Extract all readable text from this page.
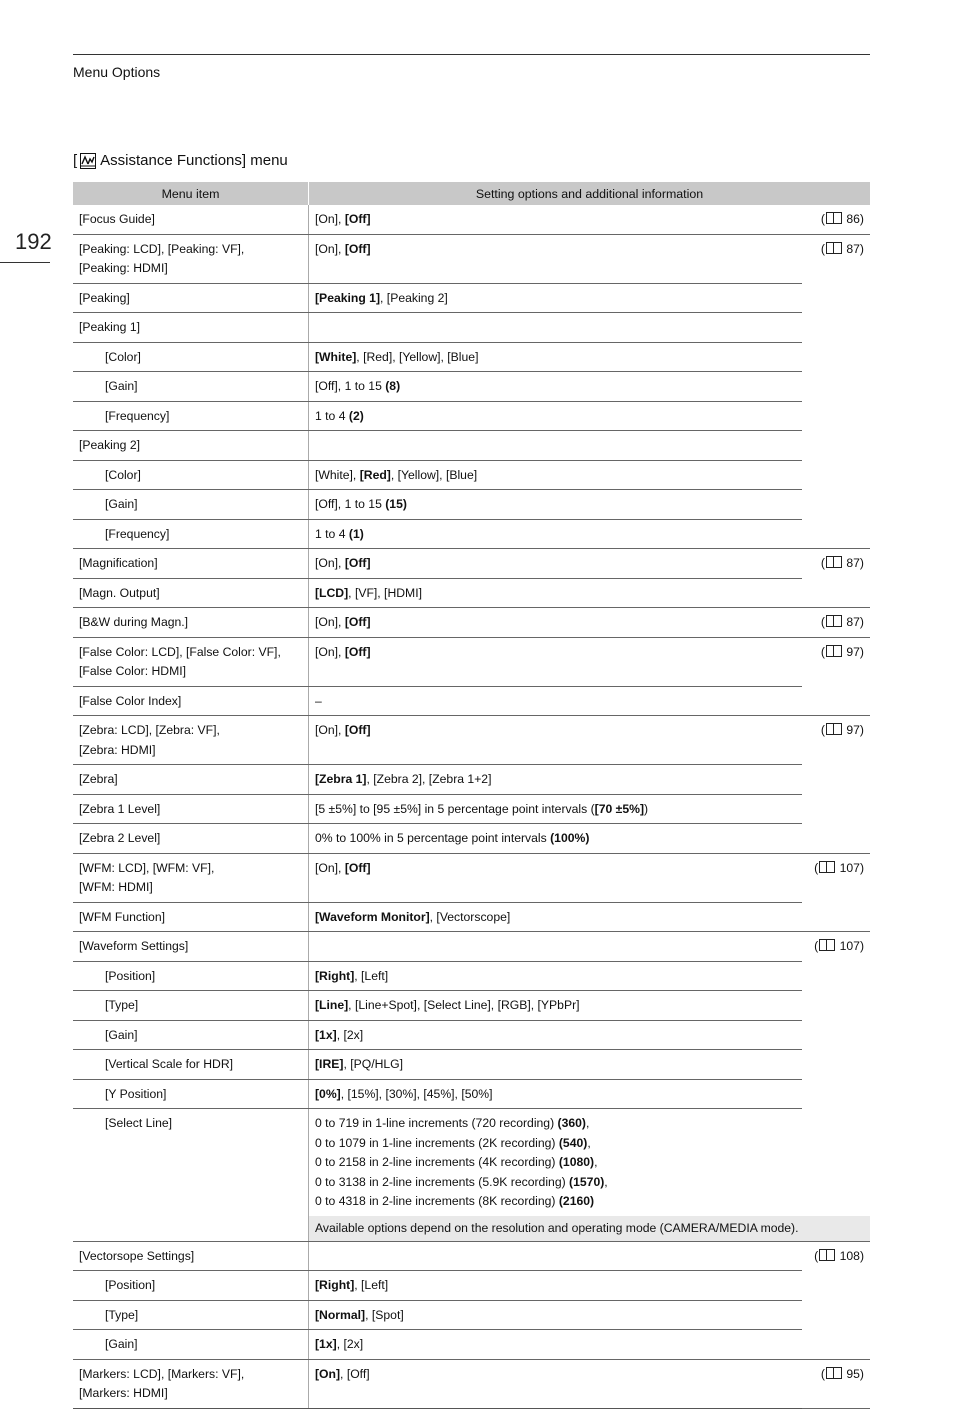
Menu Options
192
[ Assistance Functions] menu
Menu item	Setting options and additional information	
[Focus Guide]	[On], [Off]	( 86)
[Peaking: LCD], [Peaking: VF],
[Peaking: HDMI]	[On], [Off]	( 87)
[Peaking]	[Peaking 1], [Peaking 2]	
[Peaking 1]		
[Color]	[White], [Red], [Yellow], [Blue]	
[Gain]	[Off], 1 to 15 (8)	
[Frequency]	1 to 4 (2)	
[Peaking 2]		
[Color]	[White], [Red], [Yellow], [Blue]	
[Gain]	[Off], 1 to 15 (15)	
[Frequency]	1 to 4 (1)	
[Magnification]	[On], [Off]	( 87)
[Magn. Output]	[LCD], [VF], [HDMI]	
[B&W during Magn.]	[On], [Off]	( 87)
[False Color: LCD], [False Color: VF],
[False Color: HDMI]	[On], [Off]	( 97)
[False Color Index]	–	
[Zebra: LCD], [Zebra: VF],
[Zebra: HDMI]	[On], [Off]	( 97)
[Zebra]	[Zebra 1], [Zebra 2], [Zebra 1+2]	
[Zebra 1 Level]	[5 ±5%] to [95 ±5%] in 5 percentage point intervals ([70 ±5%])	
[Zebra 2 Level]	0% to 100% in 5 percentage point intervals (100%)	
[WFM: LCD], [WFM: VF],
[WFM: HDMI]	[On], [Off]	( 107)
[WFM Function]	[Waveform Monitor], [Vectorscope]	
[Waveform Settings]		( 107)
[Position]	[Right], [Left]	
[Type]	[Line], [Line+Spot], [Select Line], [RGB], [YPbPr]	
[Gain]	[1x], [2x]	
[Vertical Scale for HDR]	[IRE], [PQ/HLG]	
[Y Position]	[0%], [15%], [30%], [45%], [50%]	
[Select Line]	0 to 719 in 1-line increments (720 recording) (360),
0 to 1079 in 1-line increments (2K recording) (540),
0 to 2158 in 2-line increments (4K recording) (1080),
0 to 3138 in 2-line increments (5.9K recording) (1570),
0 to 4318 in 2-line increments (8K recording) (2160)	
	Available options depend on the resolution and operating mode (CAMERA/MEDIA mode).	
[Vectorsope Settings]		( 108)
[Position]	[Right], [Left]	
[Type]	[Normal], [Spot]	
[Gain]	[1x], [2x]	
[Markers: LCD], [Markers: VF],
[Markers: HDMI]	[On], [Off]	( 95)
